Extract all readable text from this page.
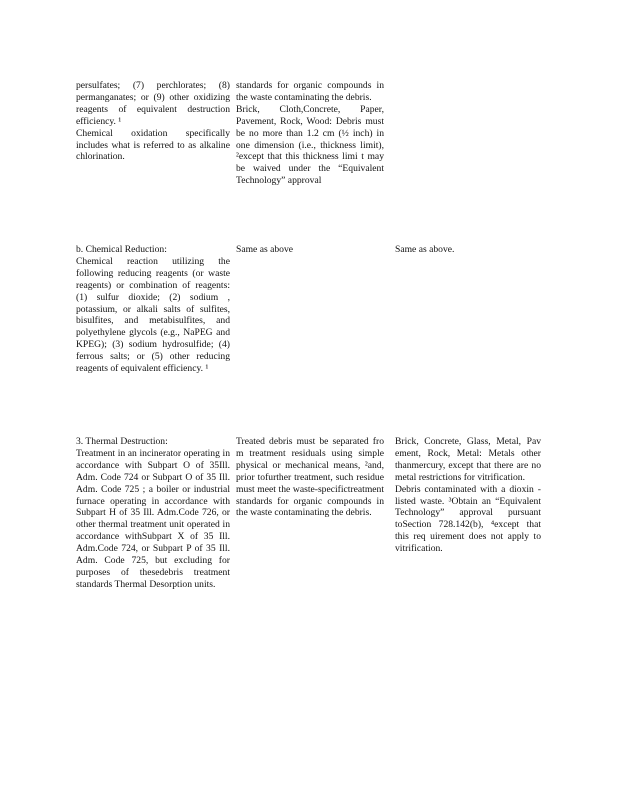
persulfates; (7) perchlorates; (8) permanganates; or (9) other oxidizing reagents of equivalent destruction efficiency. ¹

Chemical oxidation specifically includes what is referred to as alkaline chlorination.

standards for organic compounds in the waste contaminating the debris.

Brick, Cloth,Concrete, Paper, Pavement, Rock, Wood: Debris must be no more than 1.2 cm (½ inch) in one dimension (i.e., thickness limit), ²except that this thickness limi t may be waived under the “Equivalent Technology” approval

b. Chemical Reduction:

Chemical reaction utilizing the following reducing reagents (or waste reagents) or combination of reagents: (1) sulfur dioxide; (2) sodium , potassium, or alkali salts of sulfites, bisulfites, and metabisulfites, and polyethylene glycols (e.g., NaPEG and KPEG); (3) sodium hydrosulfide; (4) ferrous salts; or (5) other reducing reagents of equivalent efficiency. ¹

Same as above	Same as above.

3. Thermal Destruction:

Treatment in an incinerator operating in accordance with Subpart O of 35Ill. Adm. Code 724 or Subpart O of 35 Ill. Adm. Code 725 ; a boiler or industrial furnace operating in accordance with Subpart H of 35 Ill. Adm.Code 726, or other thermal treatment unit operated in accordance withSubpart X of 35 Ill. Adm.Code 724, or Subpart P of 35 Ill. Adm. Code 725, but excluding for purposes of thesedebris treatment standards Thermal Desorption units.

Treated debris must be separated fro m treatment residuals using simple physical or mechanical means, ²and, prior tofurther treatment, such residue must meet the waste-specifictreatment standards for organic compounds in the waste contaminating the debris.

Brick, Concrete, Glass, Metal, Pav ement, Rock, Metal: Metals other thanmercury, except that there are no metal restrictions for vitrification.

Debris contaminated with a dioxin -listed waste. ³Obtain an “Equivalent Technology” approval pursuant toSection 728.142(b), ⁴except that this req uirement does not apply to vitrification.
